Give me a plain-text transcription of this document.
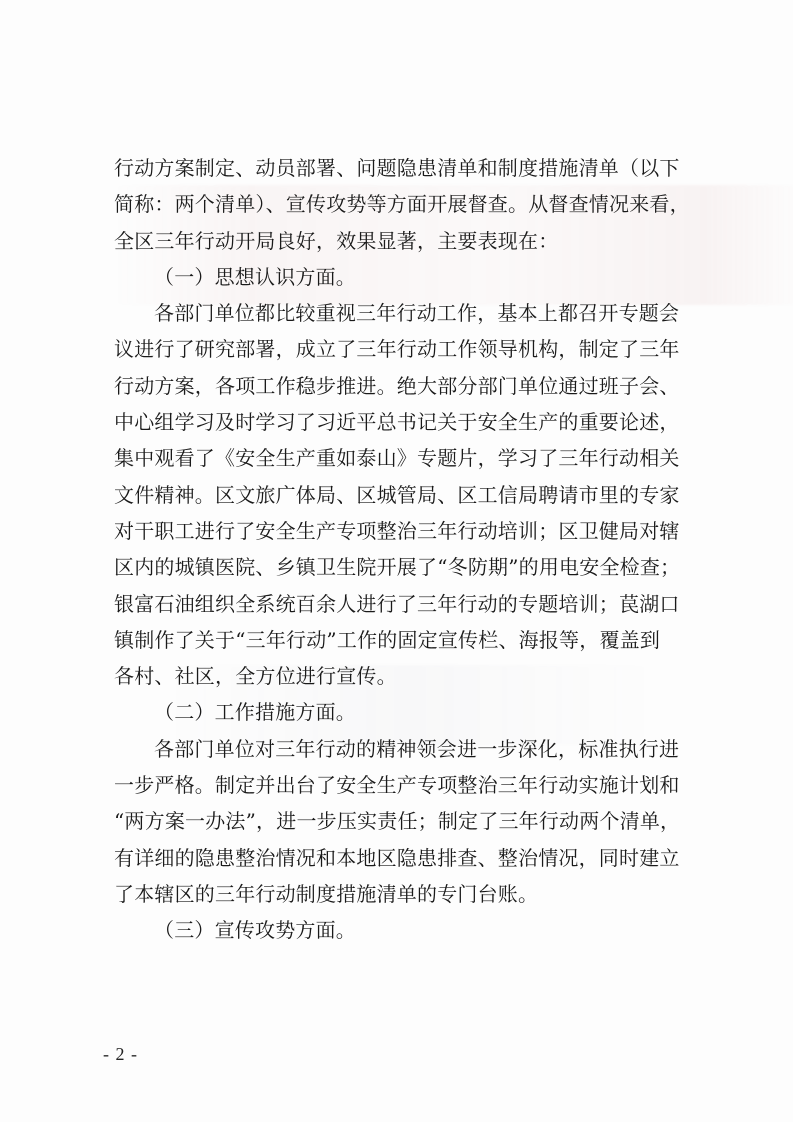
行动方案制定、动员部署、问题隐患清单和制度措施清单（以下
简称：两个清单）、宣传攻势等方面开展督查。从督查情况来看，
全区三年行动开局良好，效果显著，主要表现在：
（一）思想认识方面。
各部门单位都比较重视三年行动工作，基本上都召开专题会
议进行了研究部署，成立了三年行动工作领导机构，制定了三年
行动方案，各项工作稳步推进。绝大部分部门单位通过班子会、
中心组学习及时学习了习近平总书记关于安全生产的重要论述，
集中观看了《安全生产重如泰山》专题片，学习了三年行动相关
文件精神。区文旅广体局、区城管局、区工信局聘请市里的专家
对干职工进行了安全生产专项整治三年行动培训；区卫健局对辖
区内的城镇医院、乡镇卫生院开展了“冬防期”的用电安全检查；
银富石油组织全系统百余人进行了三年行动的专题培训；苠湖口
镇制作了关于“三年行动”工作的固定宣传栏、海报等，覆盖到
各村、社区，全方位进行宣传。
（二）工作措施方面。
各部门单位对三年行动的精神领会进一步深化，标准执行进
一步严格。制定并出台了安全生产专项整治三年行动实施计划和
“两方案一办法”，进一步压实责任；制定了三年行动两个清单，
有详细的隐患整治情况和本地区隐患排查、整治情况，同时建立
了本辖区的三年行动制度措施清单的专门台账。
（三）宣传攻势方面。
- 2 -
